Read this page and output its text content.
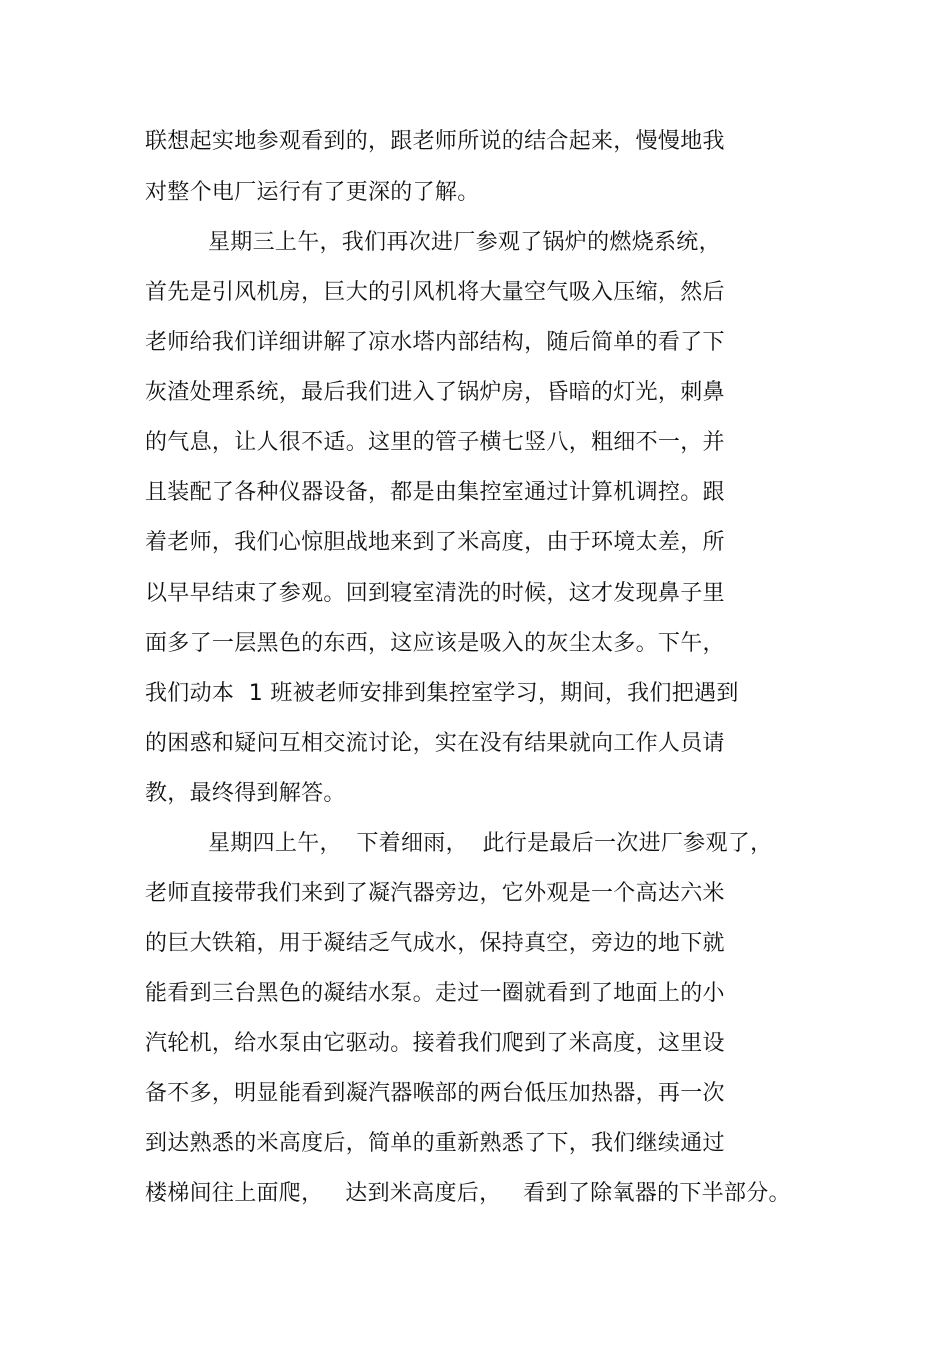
联想起实地参观看到的，跟老师所说的结合起来，慢慢地我
对整个电厂运行有了更深的了解。
星期三上午，我们再次进厂参观了锅炉的燃烧系统，
首先是引风机房，巨大的引风机将大量空气吸入压缩，然后
老师给我们详细讲解了凉水塔内部结构，随后简单的看了下
灰渣处理系统，最后我们进入了锅炉房，昏暗的灯光，刺鼻
的气息，让人很不适。这里的管子横七竖八，粗细不一，并
且装配了各种仪器设备，都是由集控室通过计算机调控。跟
着老师，我们心惊胆战地来到了米高度，由于环境太差，所
以早早结束了参观。回到寝室清洗的时候，这才发现鼻子里
面多了一层黑色的东西，这应该是吸入的灰尘太多。下午，
我们动本  1 班被老师安排到集控室学习，期间，我们把遇到
的困惑和疑问互相交流讨论，实在没有结果就向工作人员请
教，最终得到解答。
星期四上午，  下着细雨，  此行是最后一次进厂参观了，
老师直接带我们来到了凝汽器旁边，它外观是一个高达六米
的巨大铁箱，用于凝结乏气成水，保持真空，旁边的地下就
能看到三台黑色的凝结水泵。走过一圈就看到了地面上的小
汽轮机，给水泵由它驱动。接着我们爬到了米高度，这里设
备不多，明显能看到凝汽器喉部的两台低压加热器，再一次
到达熟悉的米高度后，简单的重新熟悉了下，我们继续通过
楼梯间往上面爬，   达到米高度后，   看到了除氧器的下半部分。
